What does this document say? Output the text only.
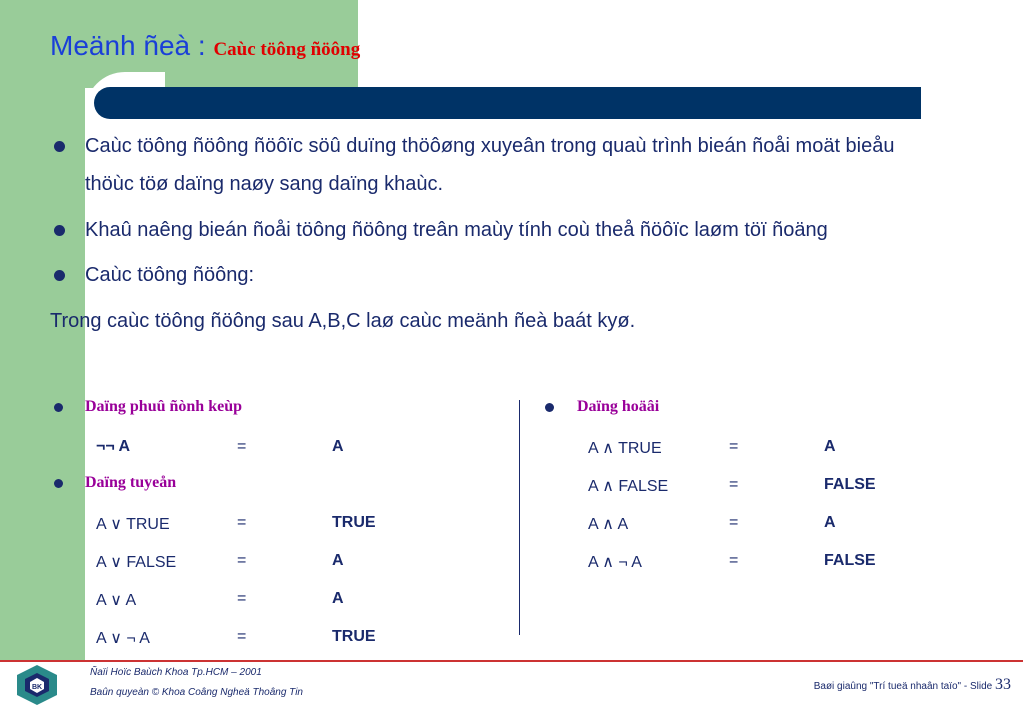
Meänh ñeà : Caùc töông ñöông
Caùc töông ñöông ñöôïc söû duïng thöôøng xuyeân trong quaù trình bieán ñoåi moät bieåu
thöùc töø daïng naøy sang daïng khaùc.
Khaû naêng bieán ñoåi töông ñöông treân maùy tính coù theå ñöôïc laøm töï ñoäng
Caùc töông ñöông:
Trong caùc töông ñöông sau A,B,C laø caùc meänh ñeà baát kyø.
Daïng phuû ñònh keùp
¬¬ A	=	A
Daïng tuyeån
A ∨ TRUE	=	TRUE
A ∨ FALSE	=	A
A ∨ A	=	A
A ∨ ¬ A	=	TRUE
Daïng hoäâi
A ∧ TRUE	=	A
A ∧ FALSE	=	FALSE
A ∧ A	=	A
A ∧ ¬ A	=	FALSE
BK
Ñaïi Hoïc Baùch Khoa Tp.HCM – 2001
Baûn quyeàn © Khoa Coâng Ngheä Thoâng Tin
Baøi giaûng "Trí tueä nhaân taïo" - Slide 33
